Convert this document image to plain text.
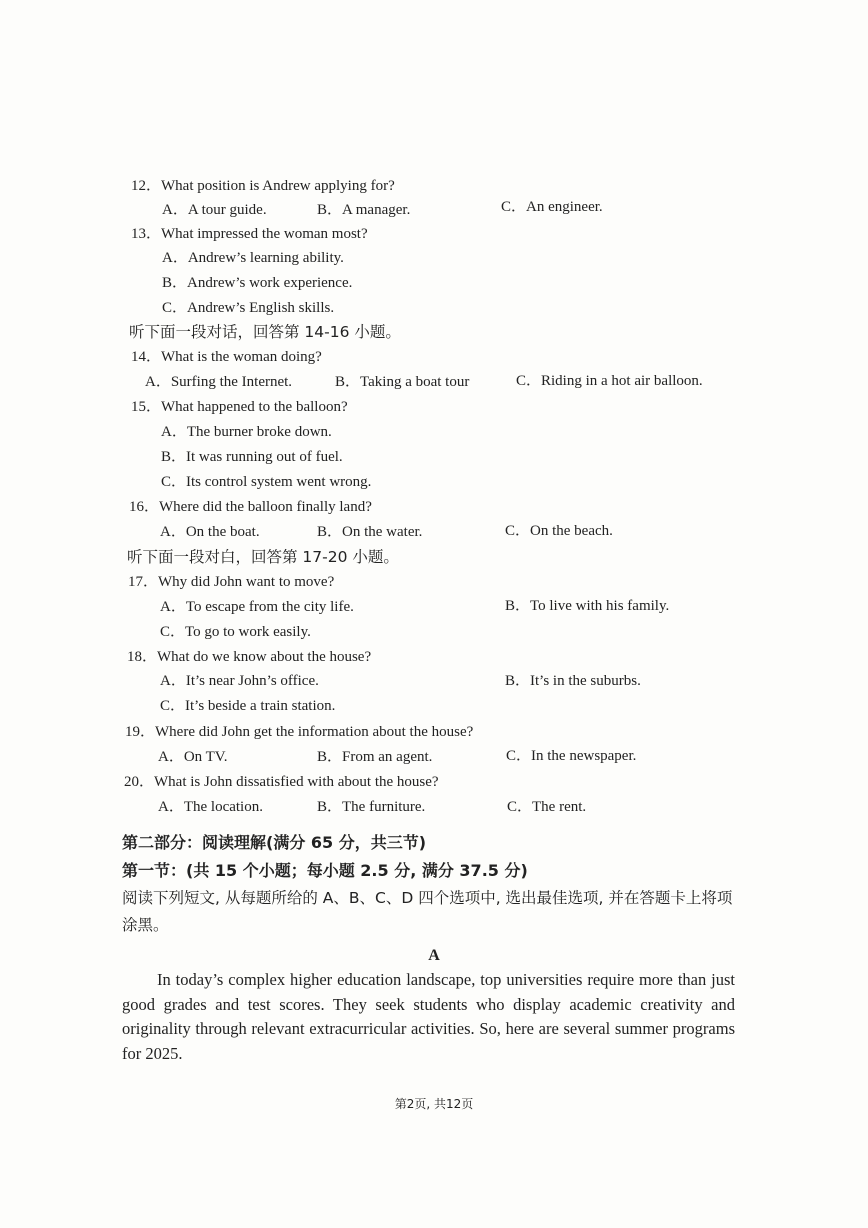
12．What position is Andrew applying for?
A．A tour guide.	B．A manager.	C．An engineer.
13．What impressed the woman most?
A．Andrew’s learning ability.
B．Andrew’s work experience.
C．Andrew’s English skills.
听下面一段对话，回答第 14-16 小题。
14．What is the woman doing?
A．Surfing the Internet.	B．Taking a boat tour	C．Riding in a hot air balloon.
15．What happened to the balloon?
A．The burner broke down.
B．It was running out of fuel.
C．Its control system went wrong.
16．Where did the balloon finally land?
A．On the boat.	B．On the water.	C．On the beach.
听下面一段对白，回答第 17-20 小题。
17．Why did John want to move?
A．To escape from the city life.	B．To live with his family.
C．To go to work easily.
18．What do we know about the house?
A．It’s near John’s office.	B．It’s in the suburbs.
C．It’s beside a train station.
19．Where did John get the information about the house?
A．On TV.	B．From an agent.	C．In the newspaper.
20．What is John dissatisfied with about the house?
A．The location.	B．The furniture.	C．The rent.
第二部分：阅读理解(满分 65 分，共三节)
第一节：(共 15 个小题；每小题 2.5 分, 满分 37.5 分)
阅读下列短文, 从每题所给的 A、B、C、D 四个选项中, 选出最佳选项, 并在答题卡上将项涂黑。
A
In today’s complex higher education landscape, top universities require more than just good grades and test scores. They seek students who display academic creativity and originality through relevant extracurricular activities. So, here are several summer programs for 2025.
第2页, 共12页
